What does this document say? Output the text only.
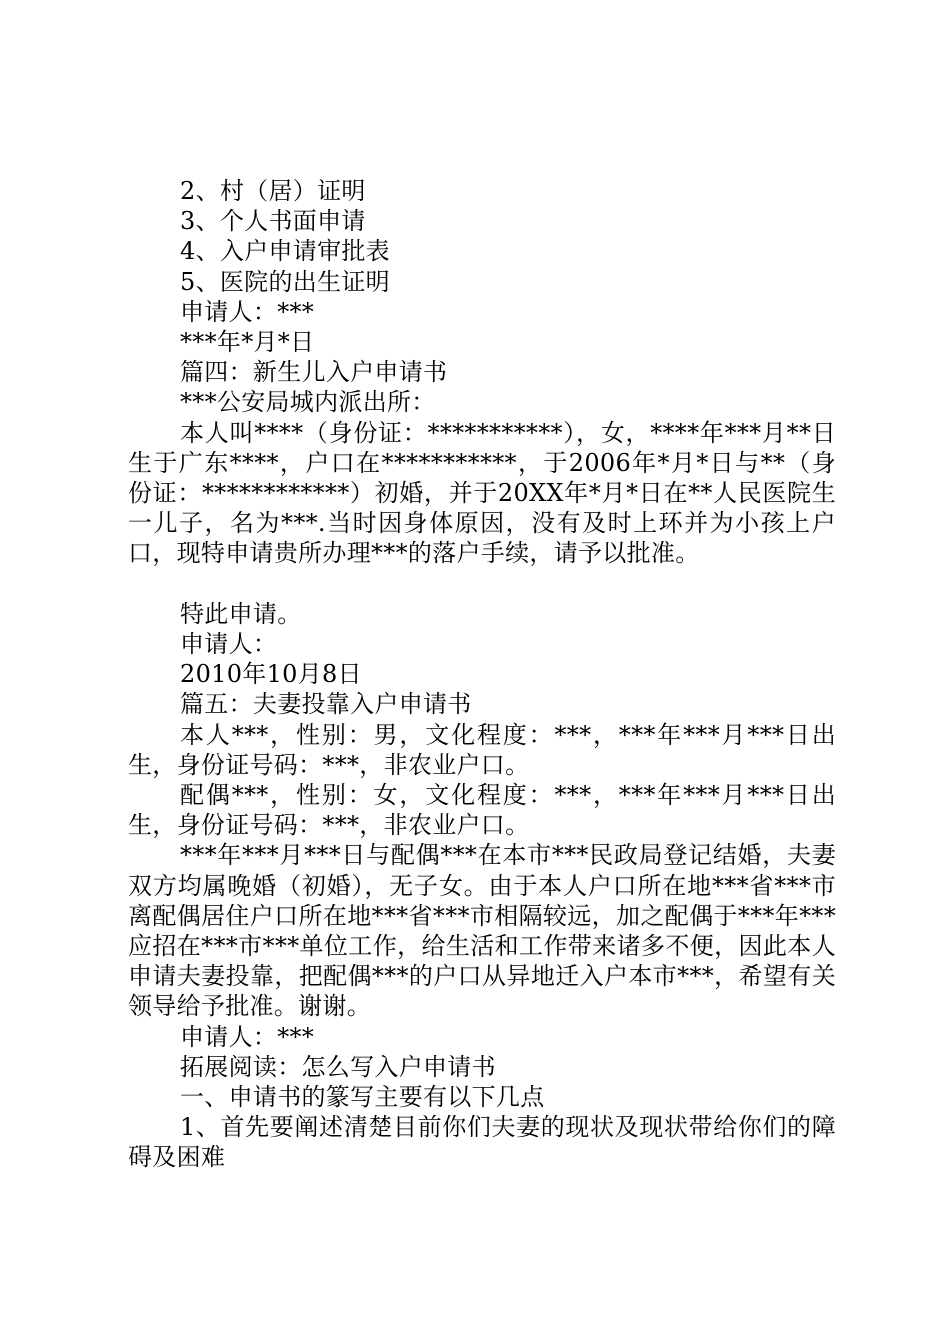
2、村（居）证明
3、个人书面申请
4、入户申请审批表
5、医院的出生证明
申请人：***
***年*月*日
篇四：新生儿入户申请书
***公安局城内派出所：
本人叫****（身份证：***********），女，****年***月**日生于广东****，户口在***********，于2006年*月*日与**（身份证：************）初婚，并于20XX年*月*日在**人民医院生一儿子，名为***.当时因身体原因，没有及时上环并为小孩上户口，现特申请贵所办理***的落户手续，请予以批准。
特此申请。
申请人：
2010年10月8日
篇五：夫妻投靠入户申请书
本人***，性别：男，文化程度：***，***年***月***日出生，身份证号码：***，非农业户口。
配偶***，性别：女，文化程度：***，***年***月***日出生，身份证号码：***，非农业户口。
***年***月***日与配偶***在本市***民政局登记结婚，夫妻双方均属晚婚（初婚），无子女。由于本人户口所在地***省***市离配偶居住户口所在地***省***市相隔较远，加之配偶于***年***应招在***市***单位工作，给生活和工作带来诸多不便，因此本人申请夫妻投靠，把配偶***的户口从异地迁入户本市***，希望有关领导给予批准。谢谢。
申请人：***
拓展阅读：怎么写入户申请书
一、申请书的篆写主要有以下几点
1、首先要阐述清楚目前你们夫妻的现状及现状带给你们的障碍及困难
